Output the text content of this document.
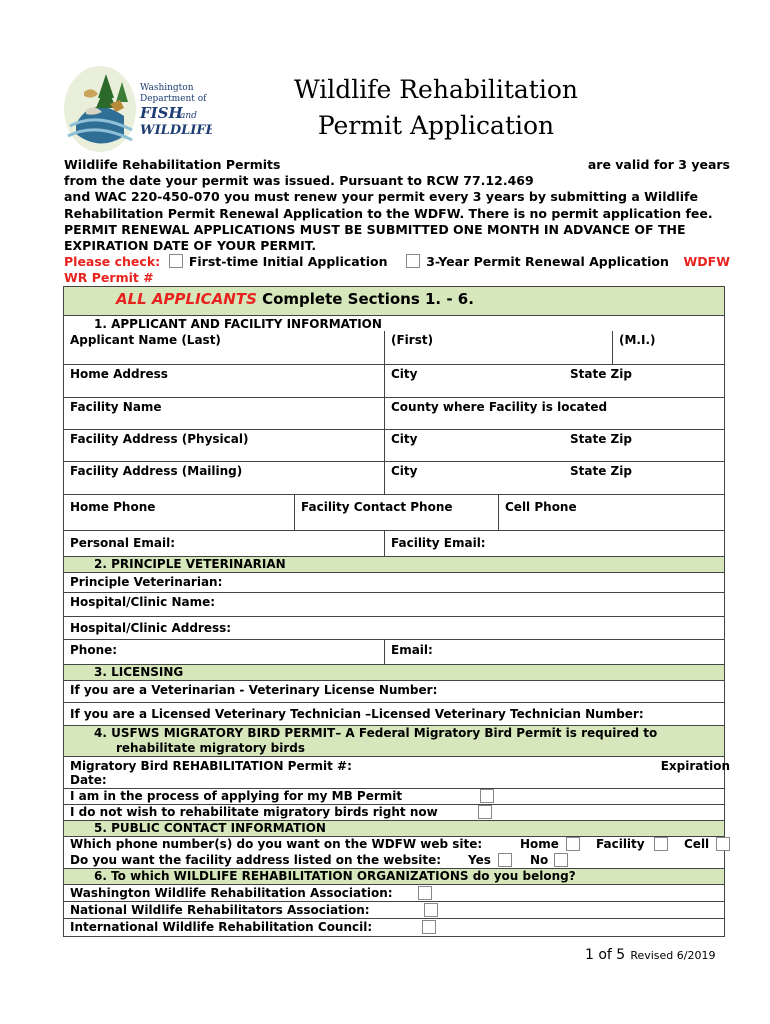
Washington
Department of
FISH
and
WILDLIFE
Wildlife Rehabilitation
Permit Application
Wildlife Rehabilitation Permits	are valid for 3 years
from the date your permit was issued. Pursuant to RCW 77.12.469
and WAC 220-450-070 you must renew your permit every 3 years by submitting a Wildlife
Rehabilitation Permit Renewal Application to the WDFW. There is no permit application fee.
PERMIT RENEWAL APPLICATIONS MUST BE SUBMITTED ONE MONTH IN ADVANCE OF THE
EXPIRATION DATE OF YOUR PERMIT.
Please check: First-time Initial Application	3-Year Permit Renewal Application WDFW
WR Permit #
ALL APPLICANTS Complete Sections 1. - 6.
1. APPLICANT AND FACILITY INFORMATION
Applicant Name (Last)	(First)	(M.I.)
Home Address	City	State Zip
Facility Name	County where Facility is located
Facility Address (Physical)	City	State Zip
Facility Address (Mailing)	City	State Zip
Home Phone	Facility Contact Phone	Cell Phone
Personal Email:	Facility Email:
2. PRINCIPLE VETERINARIAN
Principle Veterinarian:
Hospital/Clinic Name:
Hospital/Clinic Address:
Phone:	Email:
3. LICENSING
If you are a Veterinarian - Veterinary License Number:
If you are a Licensed Veterinary Technician –Licensed Veterinary Technician Number:
4. USFWS MIGRATORY BIRD PERMIT– A Federal Migratory Bird Permit is required to
rehabilitate migratory birds
Migratory Bird REHABILITATION Permit #:	Expiration
Date:
I am in the process of applying for my MB Permit
I do not wish to rehabilitate migratory birds right now
5. PUBLIC CONTACT INFORMATION
Which phone number(s) do you want on the WDFW web site:	Home	Facility	Cell
Do you want the facility address listed on the website: Yes	No
6. To which WILDLIFE REHABILITATION ORGANIZATIONS do you belong?
Washington Wildlife Rehabilitation Association:
National Wildlife Rehabilitators Association:
International Wildlife Rehabilitation Council:
1 of 5 Revised 6/2019
